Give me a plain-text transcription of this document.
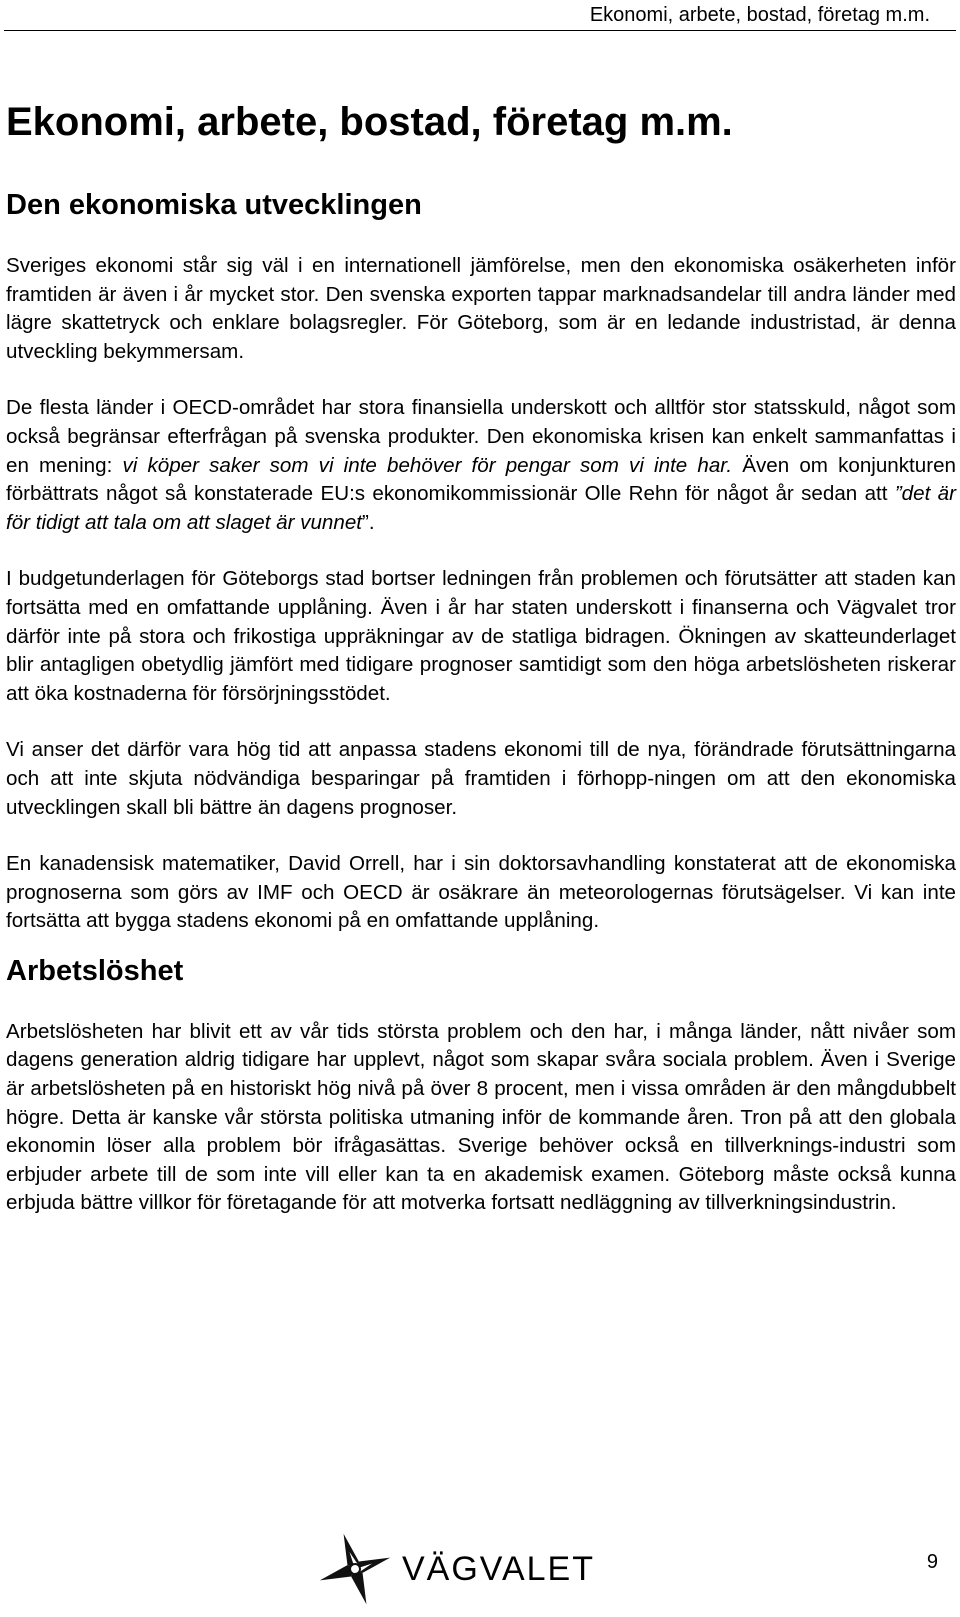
Ekonomi, arbete, bostad, företag m.m.
Ekonomi, arbete, bostad, företag m.m.
Den ekonomiska utvecklingen

Sveriges ekonomi står sig väl i en internationell jämförelse, men den ekonomiska osäkerheten inför framtiden är även i år mycket stor. Den svenska exporten tappar marknadsandelar till andra länder med lägre skattetryck och enklare bolagsregler. För Göteborg, som är en ledande industristad, är denna utveckling bekymmersam.

De flesta länder i OECD-området har stora finansiella underskott och alltför stor statsskuld, något som också begränsar efterfrågan på svenska produkter. Den ekonomiska krisen kan enkelt sammanfattas i en mening: vi köper saker som vi inte behöver för pengar som vi inte har. Även om konjunkturen förbättrats något så konstaterade EU:s ekonomikommissionär Olle Rehn för något år sedan att ”det är för tidigt att tala om att slaget är vunnet”.

I budgetunderlagen för Göteborgs stad bortser ledningen från problemen och förutsätter att staden kan fortsätta med en omfattande upplåning. Även i år har staten underskott i finanserna och Vägvalet tror därför inte på stora och frikostiga uppräkningar av de statliga bidragen. Ökningen av skatteunderlaget blir antagligen obetydlig jämfört med tidigare prognoser samtidigt som den höga arbetslösheten riskerar att öka kostnaderna för försörjningsstödet.

Vi anser det därför vara hög tid att anpassa stadens ekonomi till de nya, förändrade förutsättningarna och att inte skjuta nödvändiga besparingar på framtiden i förhopp-ningen om att den ekonomiska utvecklingen skall bli bättre än dagens prognoser.

En kanadensisk matematiker, David Orrell, har i sin doktorsavhandling konstaterat att de ekonomiska prognoserna som görs av IMF och OECD är osäkrare än meteorologernas förutsägelser. Vi kan inte fortsätta att bygga stadens ekonomi på en omfattande upplåning.

Arbetslöshet

Arbetslösheten har blivit ett av vår tids största problem och den har, i många länder, nått nivåer som dagens generation aldrig tidigare har upplevt, något som skapar svåra sociala problem. Även i Sverige är arbetslösheten på en historiskt hög nivå på över 8 procent, men i vissa områden är den mångdubbelt högre. Detta är kanske vår största politiska utmaning inför de kommande åren. Tron på att den globala ekonomin löser alla problem bör ifrågasättas. Sverige behöver också en tillverknings-industri som erbjuder arbete till de som inte vill eller kan ta en akademisk examen. Göteborg måste också kunna erbjuda bättre villkor för företagande för att motverka fortsatt nedläggning av tillverkningsindustrin.

VÄGVALET	9
